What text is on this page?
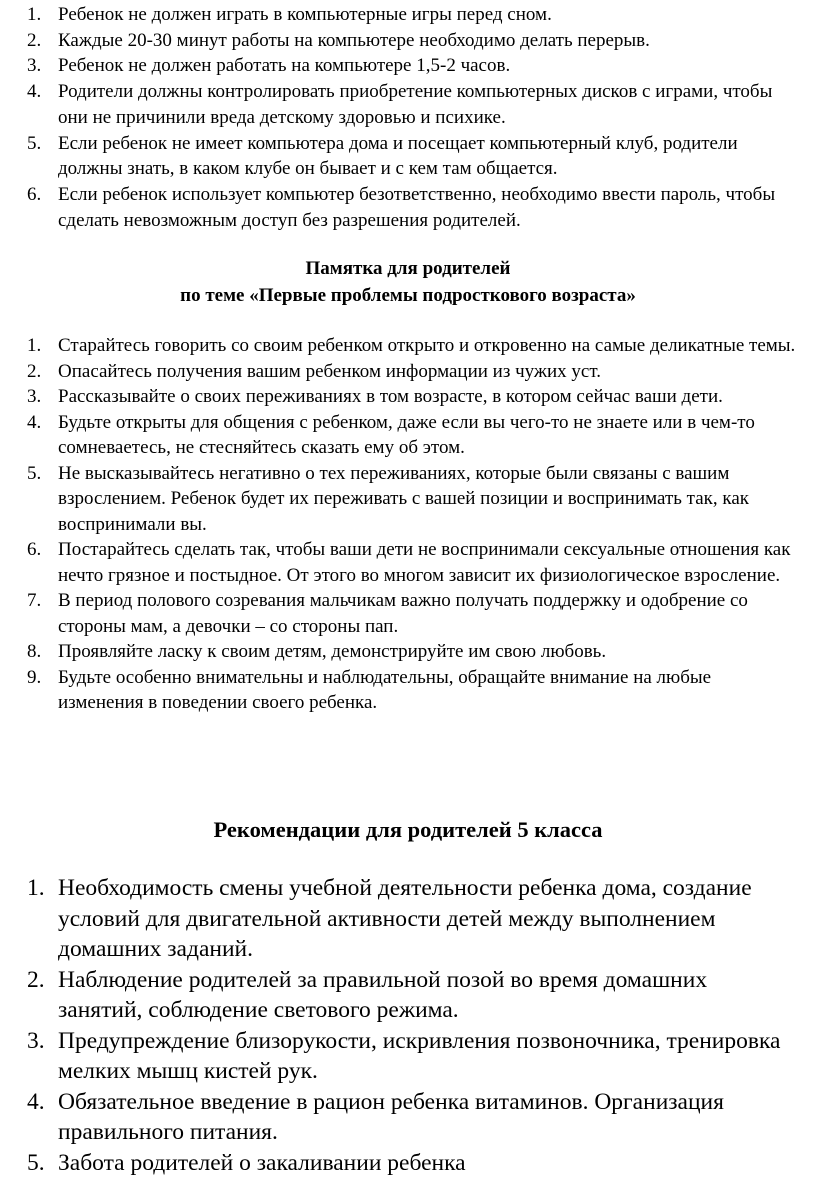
1. Ребенок не должен играть в компьютерные игры перед сном.
2. Каждые 20-30 минут работы на компьютере необходимо делать перерыв.
3. Ребенок не должен работать на компьютере 1,5-2 часов.
4. Родители должны контролировать приобретение компьютерных дисков с играми, чтобы они не причинили вреда детскому здоровью и психике.
5. Если ребенок не имеет компьютера дома и посещает компьютерный клуб, родители должны знать, в каком клубе он бывает и с кем там общается.
6. Если ребенок использует компьютер безответственно, необходимо ввести пароль, чтобы сделать невозможным доступ без разрешения родителей.
Памятка для родителей
по теме «Первые проблемы подросткового возраста»
1. Старайтесь говорить со своим ребенком открыто и откровенно на самые деликатные темы.
2. Опасайтесь получения вашим ребенком информации из чужих уст.
3. Рассказывайте о своих переживаниях в том возрасте, в котором сейчас ваши дети.
4. Будьте открыты для общения с ребенком, даже если вы чего-то не знаете или в чем-то сомневаетесь, не стесняйтесь сказать ему об этом.
5. Не высказывайтесь негативно о тех переживаниях, которые были связаны с вашим взрослением. Ребенок будет их переживать с вашей позиции и воспринимать так, как воспринимали вы.
6. Постарайтесь сделать так, чтобы ваши дети не воспринимали сексуальные отношения как нечто грязное и постыдное. От этого во многом зависит их физиологическое взросление.
7. В период полового созревания мальчикам важно получать поддержку и одобрение со стороны мам, а девочки – со стороны пап.
8. Проявляйте ласку к своим детям, демонстрируйте им свою любовь.
9. Будьте особенно внимательны и наблюдательны, обращайте внимание на любые изменения в поведении своего ребенка.
Рекомендации для родителей 5 класса
1. Необходимость смены учебной деятельности ребенка дома, создание условий для двигательной активности детей между выполнением домашних заданий.
2. Наблюдение родителей за правильной позой во время домашних занятий, соблюдение светового режима.
3. Предупреждение близорукости, искривления позвоночника, тренировка мелких мышц кистей рук.
4. Обязательное введение в рацион ребенка витаминов. Организация правильного питания.
5. Забота родителей о закаливании ребенка
